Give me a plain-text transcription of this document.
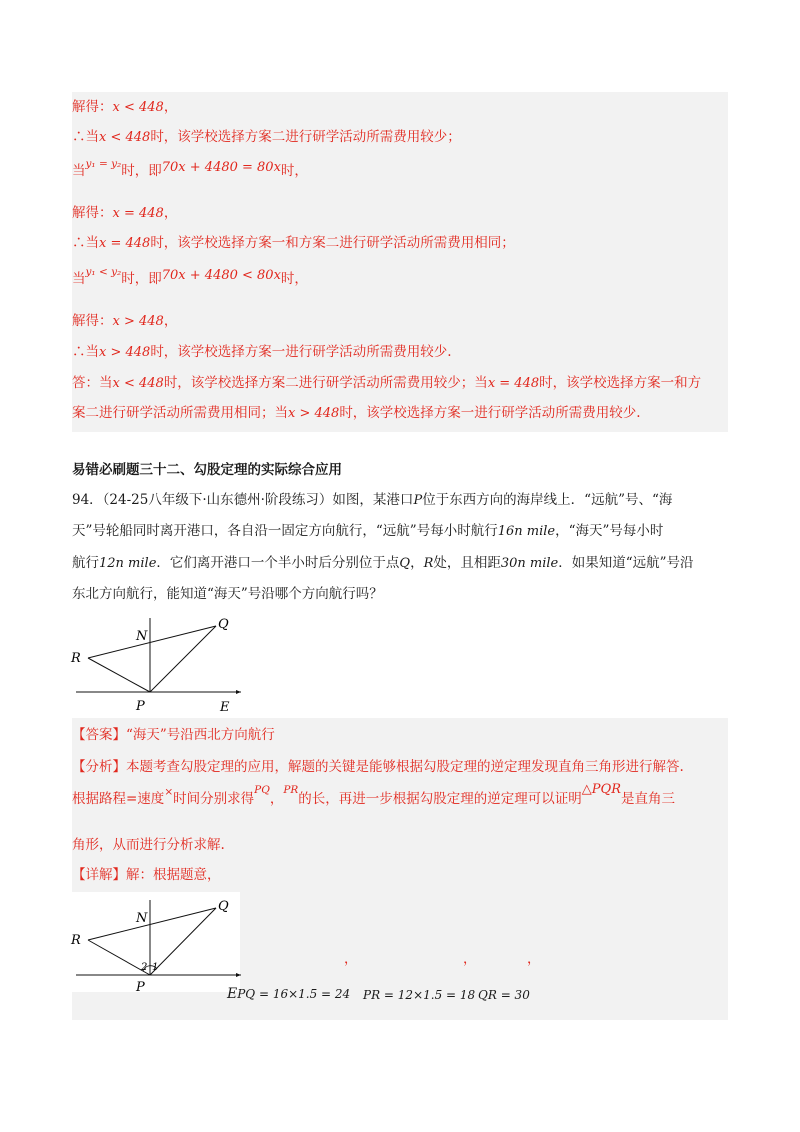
解得：x < 448，
∴当x < 448时，该学校选择方案二进行研学活动所需费用较少；
当$^{y_1 = y_2}$时，即70x + 4480 = 80x时，
解得：x = 448，
∴当x = 448时，该学校选择方案一和方案二进行研学活动所需费用相同；
当$^{y_1 < y_2}$时，即70x + 4480 < 80x时，
解得：x > 448，
∴当x > 448时，该学校选择方案一进行研学活动所需费用较少.
答：当x < 448时，该学校选择方案二进行研学活动所需费用较少；当x = 448时，该学校选择方案一和方
案二进行研学活动所需费用相同；当x > 448时，该学校选择方案一进行研学活动所需费用较少.
易错必刷题三十二、勾股定理的实际综合应用
94．（24-25八年级下·山东德州·阶段练习）如图，某港口P位于东西方向的海岸线上．“远航”号、“海
天”号轮船同时离开港口，各自沿一固定方向航行，“远航”号每小时航行16n mile，“海天”号每小时
航行12n mile．它们离开港口一个半小时后分别位于点Q，R处，且相距30n mile．如果知道“远航”号沿
东北方向航行，能知道“海天”号沿哪个方向航行吗？
N
Q
R
P	E
【答案】“海天”号沿西北方向航行
【分析】本题考查勾股定理的应用，解题的关键是能够根据勾股定理的逆定理发现直角三角形进行解答.
根据路程=速度×时间分别求得$^{PQ}$，$^{PR}$的长，再进一步根据勾股定理的逆定理可以证明△PQR是直角三
角形，从而进行分析求解.
【详解】解：根据题意，
N
Q
R
P
2 1
，	，	，
EPQ = 16×1.5 = 24 PR = 12×1.5 = 18 QR = 30
